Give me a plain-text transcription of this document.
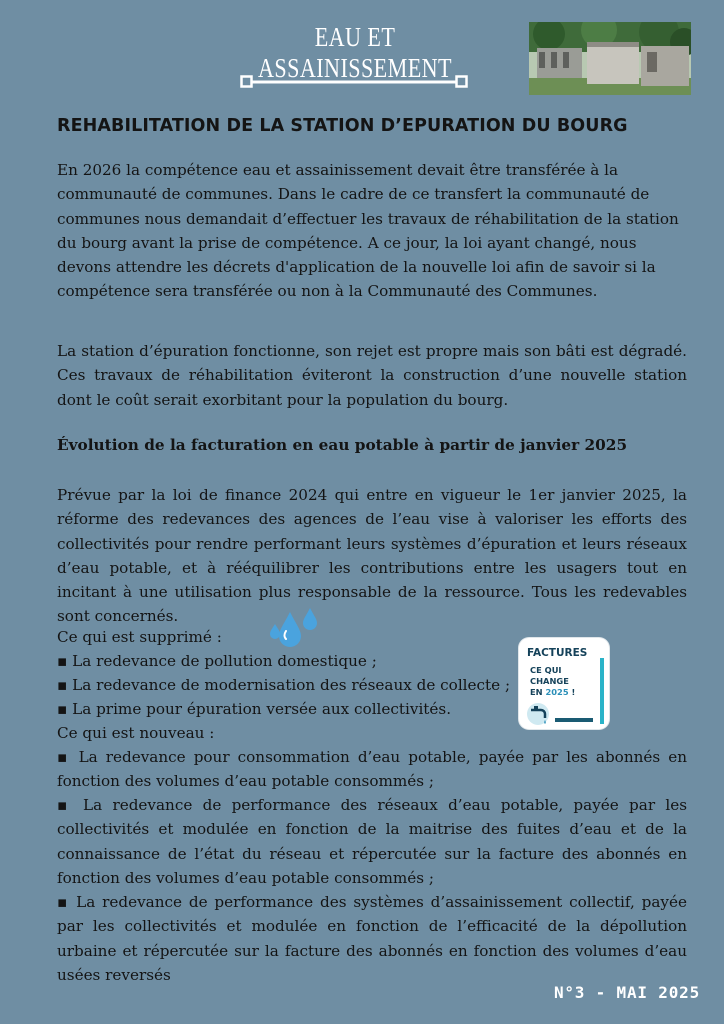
EAU ET ASSAINISSEMENT
REHABILITATION DE LA STATION D’EPURATION DU BOURG

En 2026 la compétence eau et assainissement devait être transférée à la communauté de communes. Dans le cadre de ce transfert la communauté de communes nous demandait d’effectuer les travaux de réhabilitation de la station du bourg avant la prise de compétence. A ce jour, la loi ayant changé, nous devons attendre les décrets d'application de la nouvelle loi afin de savoir si la compétence sera transférée ou non à la Communauté des Communes.

La station d’épuration fonctionne, son rejet est propre mais son bâti est dégradé. Ces travaux de réhabilitation éviteront la construction d’une nouvelle station dont le coût serait exorbitant pour la population du bourg.

Évolution de la facturation en eau potable à partir de janvier 2025

Prévue par la loi de finance 2024 qui entre en vigueur le 1er janvier 2025, la réforme des redevances des agences de l’eau vise à valoriser les efforts des collectivités pour rendre performant leurs systèmes d’épuration et leurs réseaux d’eau potable, et à rééquilibrer les contributions entre les usagers tout en incitant à une utilisation plus responsable de la ressource. Tous les redevables sont concernés.

Ce qui est supprimé :
▪ La redevance de pollution domestique ;
▪ La redevance de modernisation des réseaux de collecte ;
▪ La prime pour épuration versée aux collectivités.
Ce qui est nouveau :

▪ La redevance pour consommation d’eau potable, payée par les abonnés en fonction des volumes d’eau potable consommés ;

▪ La redevance de performance des réseaux d’eau potable, payée par les collectivités et modulée en fonction de la maitrise des fuites d’eau et de la connaissance de l’état du réseau et répercutée sur la facture des abonnés en fonction des volumes d’eau potable consommés ;

▪ La redevance de performance des systèmes d’assainissement collectif, payée par les collectivités et modulée en fonction de l’efficacité de la dépollution urbaine et répercutée sur la facture des abonnés en fonction des volumes d’eau usées reversés

FACTURES
CE QUI
CHANGE
EN 2025 !
N°3 - MAI 2025
